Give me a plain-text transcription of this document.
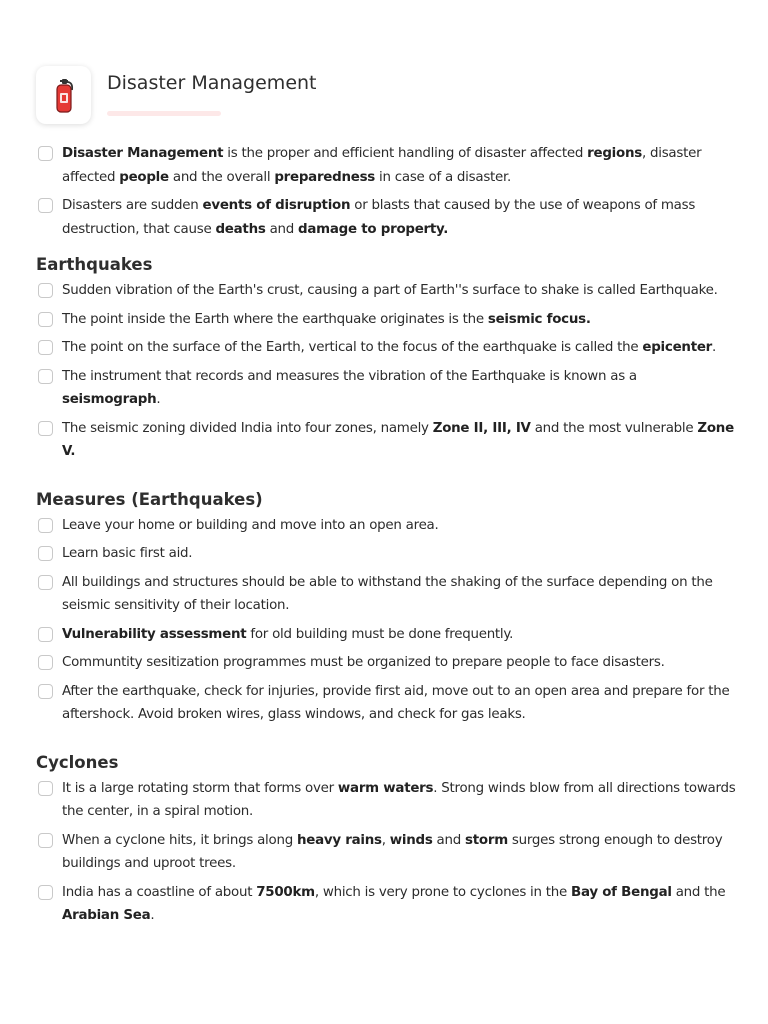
Disaster Management
Disaster Management is the proper and efficient handling of disaster affected regions, disaster affected people and the overall preparedness in case of a disaster.
Disasters are sudden events of disruption or blasts that caused by the use of weapons of mass destruction, that cause deaths and damage to property.
Earthquakes
Sudden vibration of the Earth's crust, causing a part of Earth''s surface to shake is called Earthquake.
The point inside the Earth where the earthquake originates is the seismic focus.
The point on the surface of the Earth, vertical to the focus of the earthquake is called the epicenter.
The instrument that records and measures the vibration of the Earthquake is known as a seismograph.
The seismic zoning divided India into four zones, namely Zone II, III, IV and the most vulnerable Zone V.
Measures (Earthquakes)
Leave your home or building and move into an open area.
Learn basic first aid.
All buildings and structures should be able to withstand the shaking of the surface depending on the seismic sensitivity of their location.
Vulnerability assessment for old building must be done frequently.
Communtity sesitization programmes must be organized to prepare people to face disasters.
After the earthquake, check for injuries, provide first aid, move out to an open area and prepare for the aftershock. Avoid broken wires, glass windows, and check for gas leaks.
Cyclones
It is a large rotating storm that forms over warm waters. Strong winds blow from all directions towards the center, in a spiral motion.
When a cyclone hits, it brings along heavy rains, winds and storm surges strong enough to destroy buildings and uproot trees.
India has a coastline of about 7500km, which is very prone to cyclones in the Bay of Bengal and the Arabian Sea.
